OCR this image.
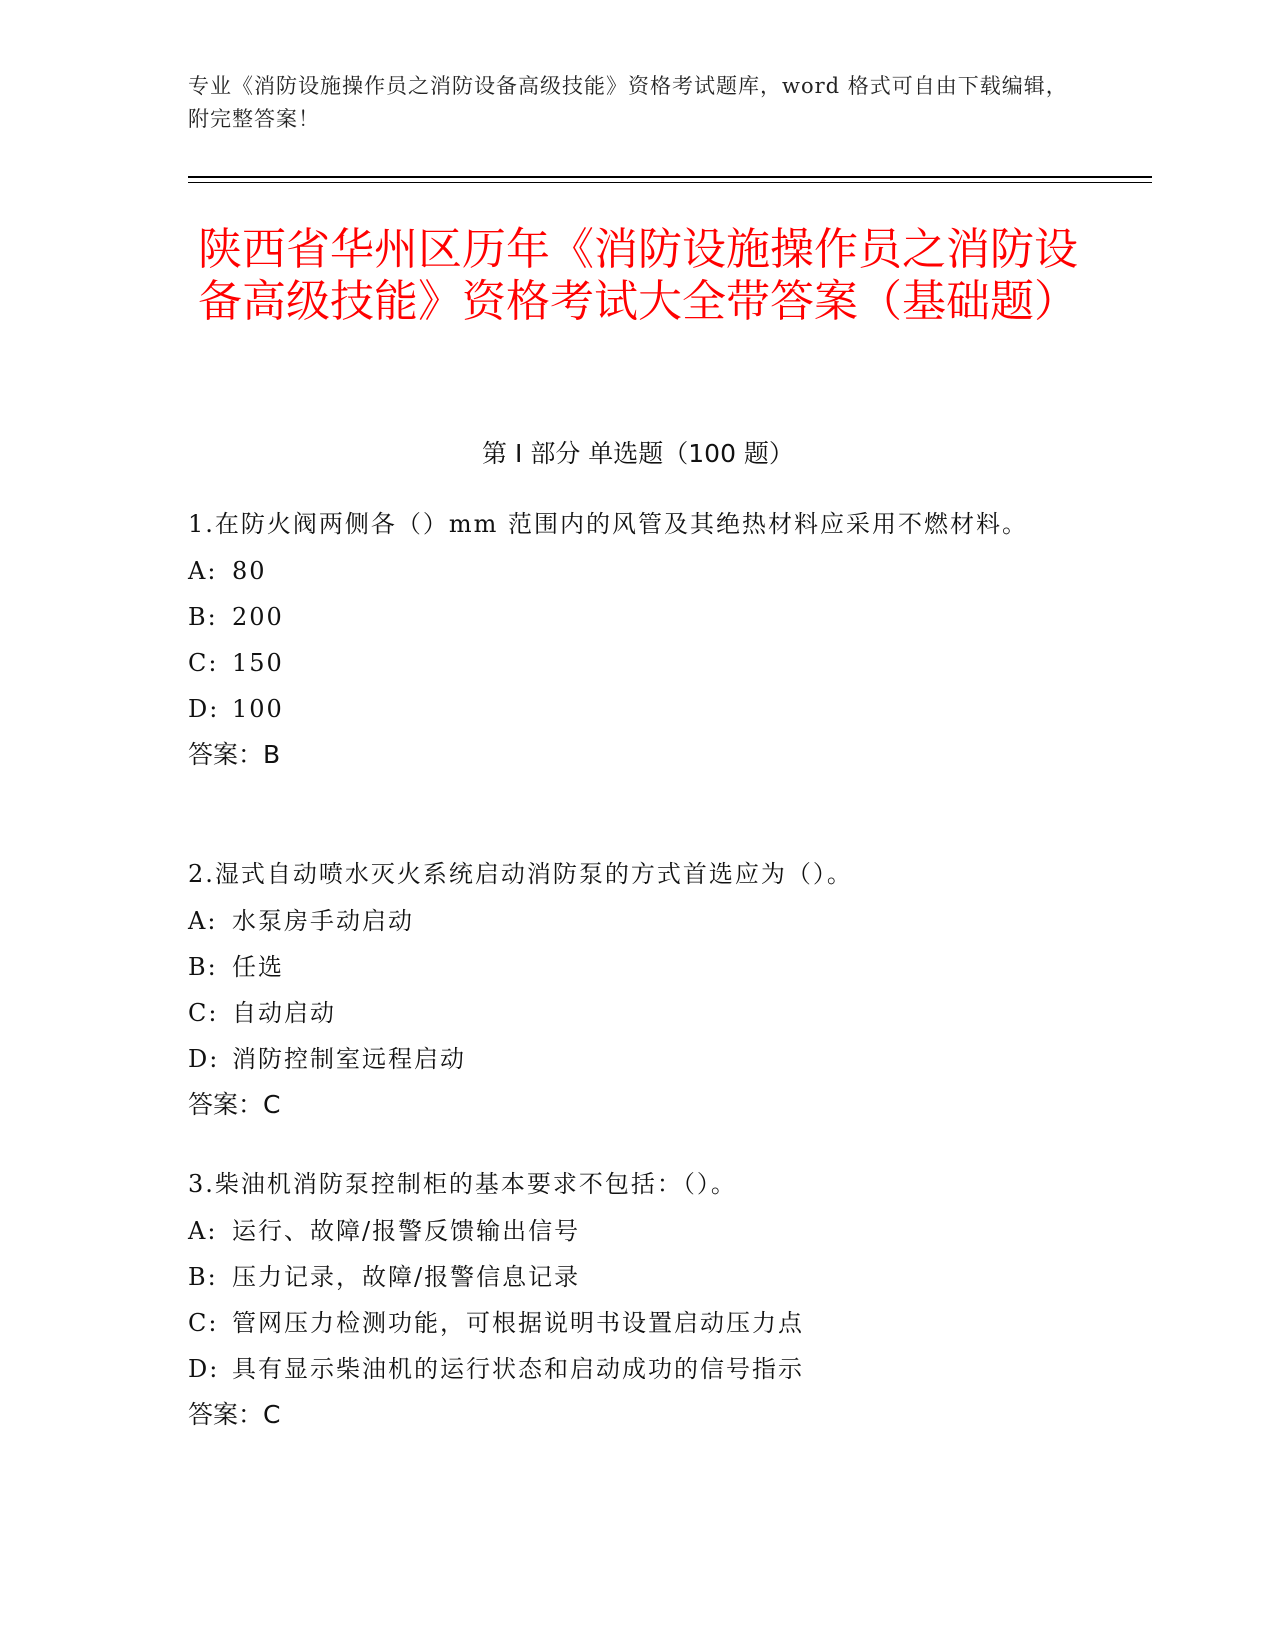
专业《消防设施操作员之消防设备高级技能》资格考试题库，word 格式可自由下载编辑，附完整答案！
陕西省华州区历年《消防设施操作员之消防设备高级技能》资格考试大全带答案（基础题）
第 I 部分 单选题（100 题）

1.在防火阀两侧各（）mm 范围内的风管及其绝热材料应采用不燃材料。

A: 80

B: 200

C: 150

D: 100

答案：B

2.湿式自动喷水灭火系统启动消防泵的方式首选应为（）。

A: 水泵房手动启动

B: 任选

C: 自动启动

D: 消防控制室远程启动

答案：C

3.柴油机消防泵控制柜的基本要求不包括：（）。

A: 运行、故障/报警反馈输出信号

B: 压力记录，故障/报警信息记录

C: 管网压力检测功能，可根据说明书设置启动压力点

D: 具有显示柴油机的运行状态和启动成功的信号指示

答案：C
